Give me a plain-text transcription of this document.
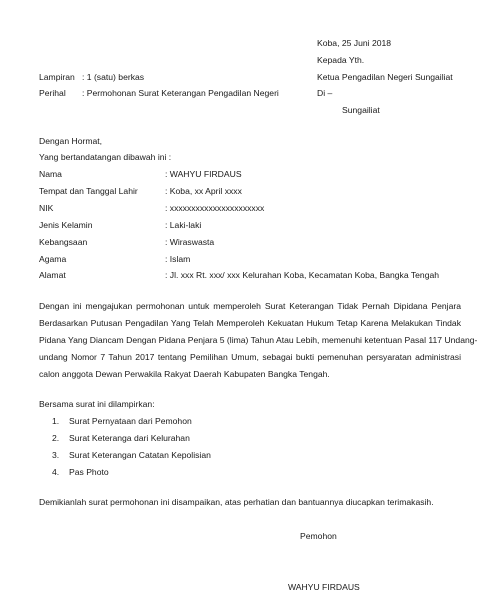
Koba, 25 Juni 2018
Kepada Yth.
Ketua Pengadilan Negeri Sungailiat
Di –
Sungailiat
Lampiran : 1 (satu) berkas
Perihal : Permohonan Surat Keterangan Pengadilan Negeri
Dengan Hormat,
Yang bertandatangan dibawah ini :
Nama	: WAHYU FIRDAUS
Tempat dan Tanggal Lahir	: Koba, xx April xxxx
NIK	: xxxxxxxxxxxxxxxxxxxxxx
Jenis Kelamin	: Laki-laki
Kebangsaan	: Wiraswasta
Agama	: Islam
Alamat	: Jl. xxx Rt. xxx/ xxx Kelurahan Koba, Kecamatan Koba, Bangka Tengah
Dengan ini mengajukan permohonan untuk memperoleh Surat Keterangan Tidak Pernah Dipidana Penjara
Berdasarkan Putusan Pengadilan Yang Telah Memperoleh Kekuatan Hukum Tetap Karena Melakukan Tindak
Pidana Yang Diancam Dengan Pidana Penjara 5 (lima) Tahun Atau Lebih, memenuhi ketentuan Pasal 117 Undang-
undang Nomor 7 Tahun 2017 tentang Pemilihan Umum, sebagai bukti pemenuhan persyaratan administrasi
calon anggota Dewan Perwakila Rakyat Daerah Kabupaten Bangka Tengah.
Bersama surat ini dilampirkan:
1. Surat Pernyataan dari Pemohon
2. Surat Keteranga dari Kelurahan
3. Surat Keterangan Catatan Kepolisian
4. Pas Photo
Demikianlah surat permohonan ini disampaikan, atas perhatian dan bantuannya diucapkan terimakasih.
Pemohon
WAHYU FIRDAUS
